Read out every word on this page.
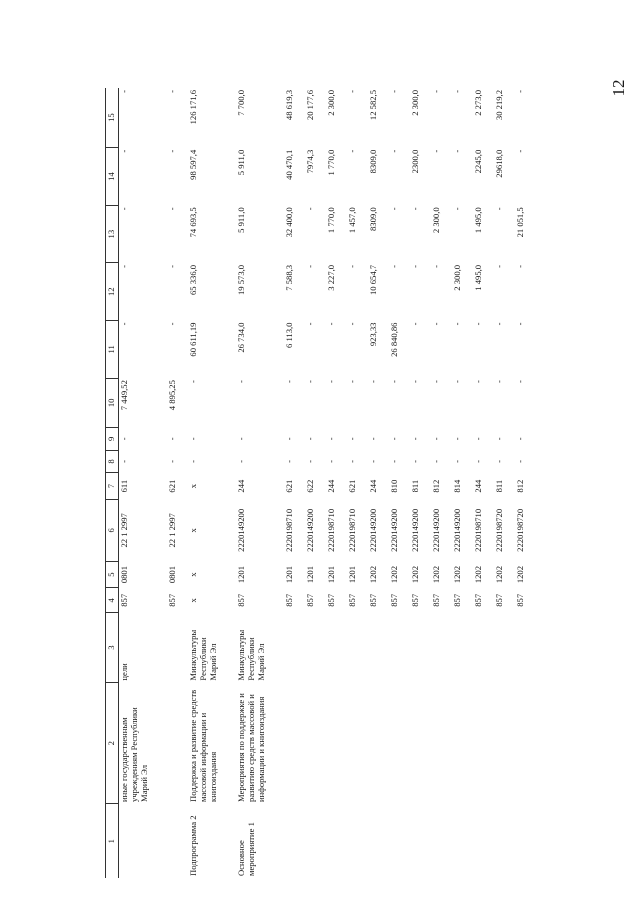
12
1	2	3	4	5	6	7	8	9	10	11	12	13	14	15
	иные государственным учреждениям Республики Марий Эл	цели	857	0801	22 1 2997	611	-	-	7 449,52	-	-	-	-	-
			857	0801	22 1 2997	621	-	-	4 895,25	-	-	-	-	-
Подпрограмма 2	Поддержка и развитие средств массовой информации и книгоиздания	Минкультуры Республики Марий Эл	x	x	x	x	-	-	-	60 611,19	65 336,0	74 693,5	98 597,4	126 171,6
Основное мероприятие 1	Мероприятия по поддержке и развитию средств массовой и информации и книгоиздания	Минкультуры Республики Марий Эл	857	1201	2220149200	244	-	-	-	26 734,0	19 573,0	5 911,0	5 911,0	7 700,0
			857	1201	2220198710	621	-	-	-	6 113,0	7 588,3	32 400,0	40 470,1	48 619,3
			857	1201	2220149200	622	-	-	-	-	-	-	7974,3	20 177,6
			857	1201	2220198710	244	-	-	-	-	3 227,0	1 770,0	1 770,0	2 300,0
			857	1201	2220198710	621	-	-	-	-	-	1 457,0	-	-
			857	1202	2220149200	244	-	-	-	923,33	10 654,7	8309,0	8309,0	12 582,5
			857	1202	2220149200	810	-	-	-	26 840,86	-	-	-	-
			857	1202	2220149200	811	-	-	-	-	-	-	2300,0	2 300,0
			857	1202	2220149200	812	-	-	-	-	-	2 300,0	-	-
			857	1202	2220149200	814	-	-	-	-	2 300,0	-	-	-
			857	1202	2220198710	244	-	-	-	-	1 495,0	1 495,0	2245,0	2 273,0
			857	1202	2220198720	811	-	-	-	-	-	-	29618,0	30 219,2
			857	1202	2220198720	812	-	-	-	-	-	21 051,5	-	-
